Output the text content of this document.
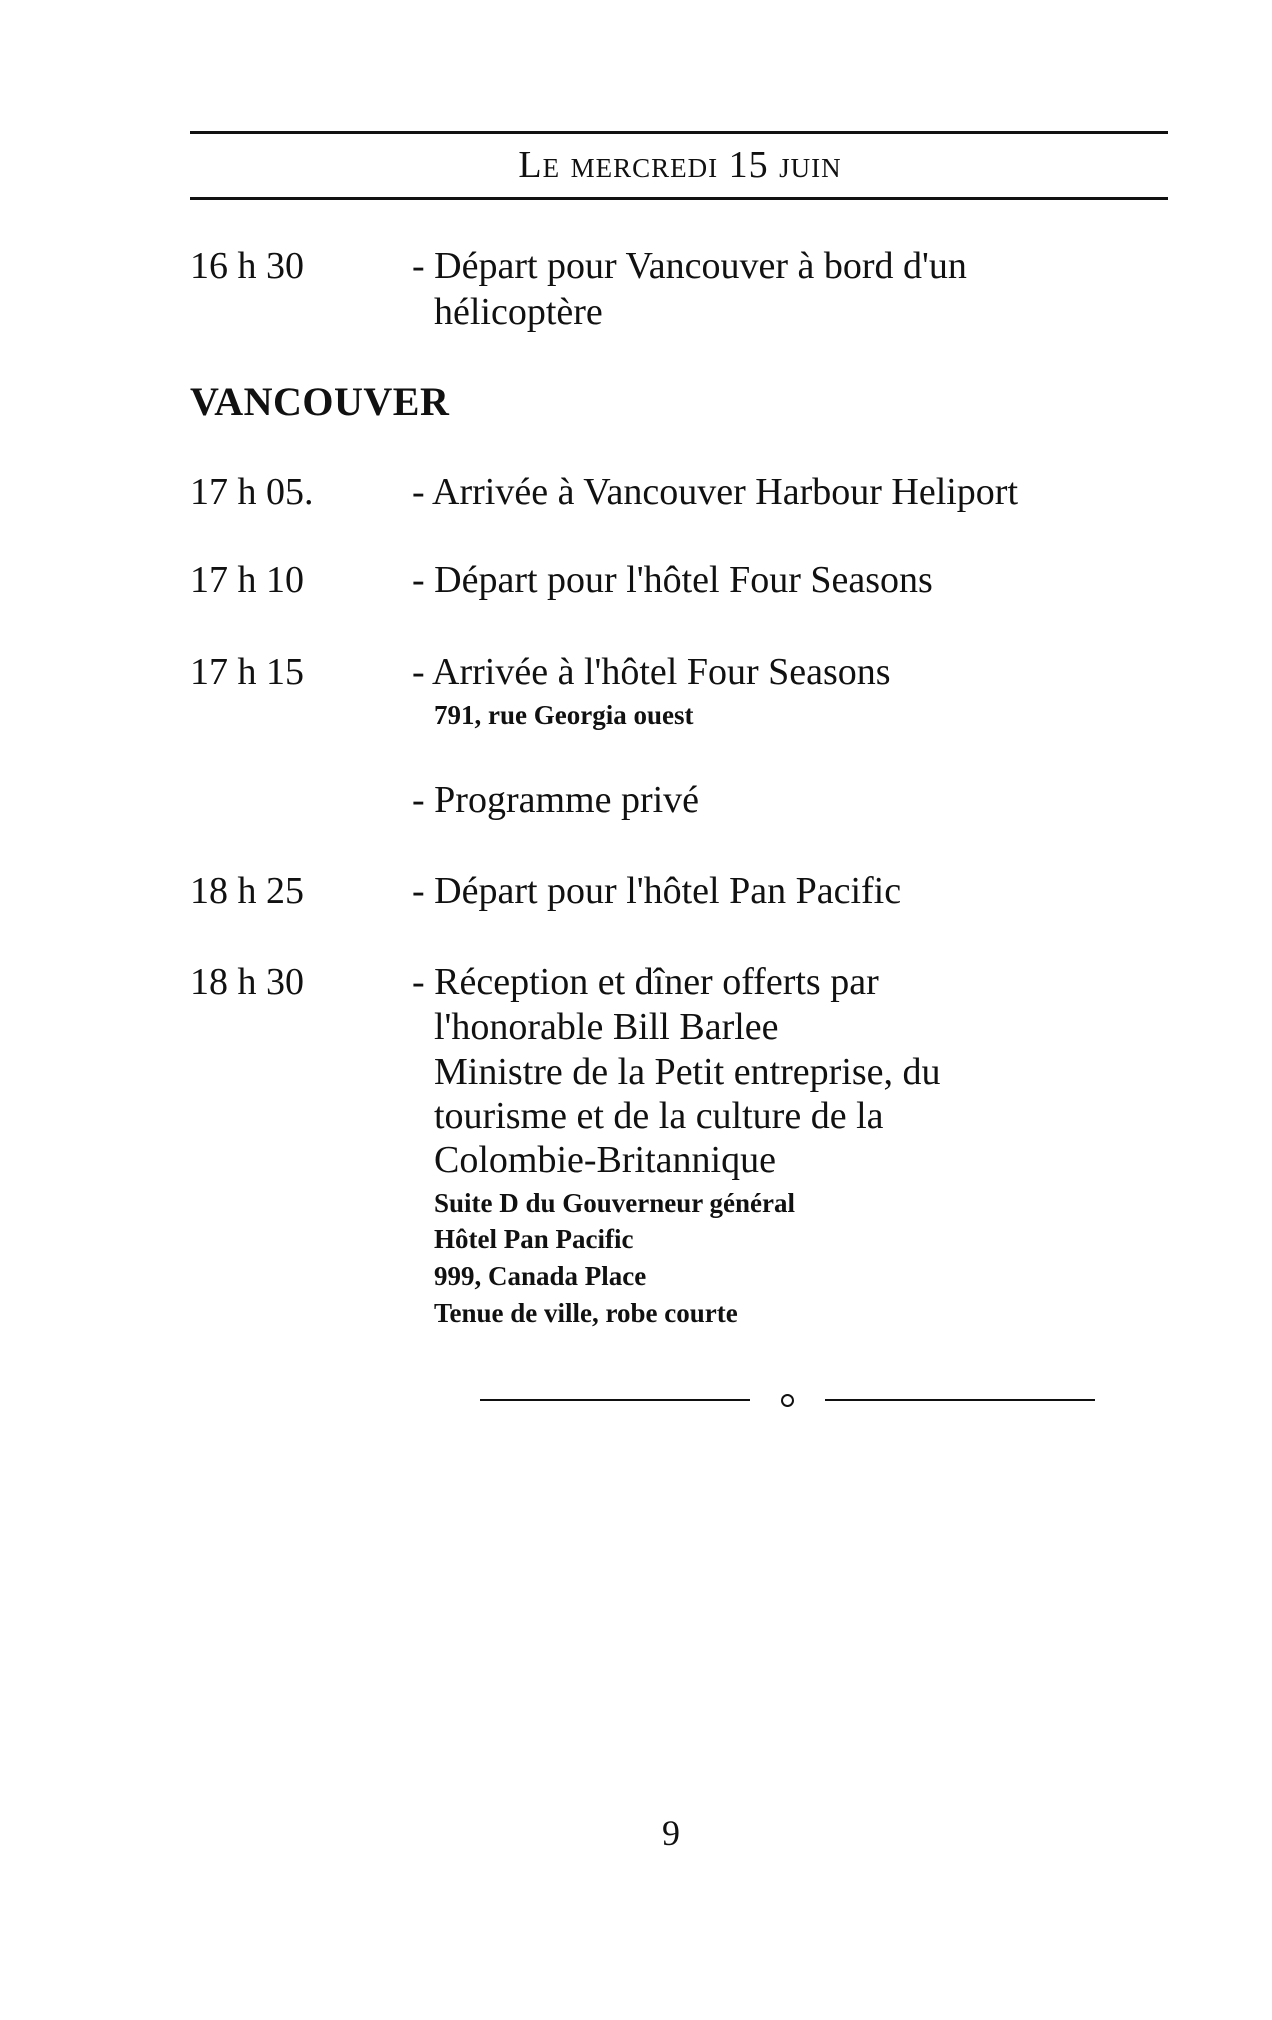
Le mercredi 15 juin
16 h 30	- Départ pour Vancouver à bord d'un
hélicoptère
VANCOUVER
17 h 05.	- Arrivée à Vancouver Harbour Heliport
17 h 10	- Départ pour l'hôtel Four Seasons
17 h 15	- Arrivée à l'hôtel Four Seasons
791, rue Georgia ouest
- Programme privé
18 h 25	- Départ pour l'hôtel Pan Pacific
18 h 30	- Réception et dîner offerts par
l'honorable Bill Barlee
Ministre de la Petit entreprise, du
tourisme et de la culture de la
Colombie-Britannique
Suite D du Gouverneur général
Hôtel Pan Pacific
999, Canada Place
Tenue de ville, robe courte
9
